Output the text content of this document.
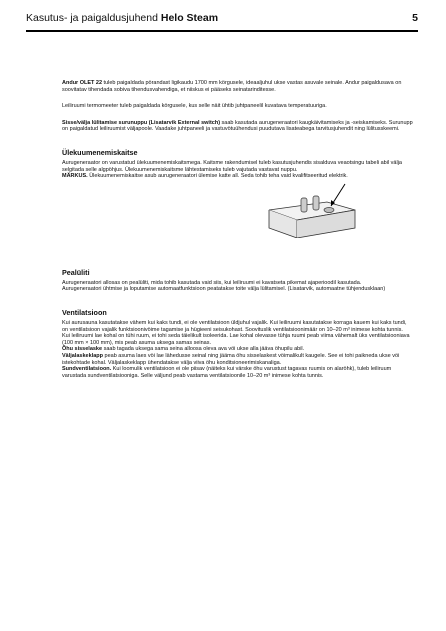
Kasutus- ja paigaldusjuhend Helo Steam	5

Andur OLET 22 tuleb paigaldada pörandast ligikaudu 1700 mm körgusele, ideaaljuhul ukse vastas asuvale seinale. Andur paigaldusava on soovitatav tihendada sobiva tihendusvahendiga, et niiskus ei pääseks seinatarinditesse.

Leiliruumi termomeeter tuleb paigaldada körgusele, kus selle näit ühtib juhtpaneelil kuvatava temperatuuriga.

Sisse/välja lülitamise surunuppu (Lisatarvik External switch) saab kasutada aurugeneraatori kaugkäivitamiseks ja -seiskamiseks. Surunupp on paigaldatud leiliruumist väljapoole. Vaadake juhtpaneeli ja vastuvötuühendusi puudutava lisateabega tarvitusjuhendit ning lülitusskeemi.

Ülekuumenemiskaitse

Aurugeneraator on varustatud ülekuumenemiskaitsmega. Kaitsme rakendumisel tuleb kasutusjuhendis sisalduva veaotsingu tabeli abil välja selgitada selle algpöhjus. Ülekuumenemiskaitsme lähtestamiseks tuleb vajutada vastavat nuppu.

MÄRKUS. Ülekuumenemiskaitse asub aurugeneraatori ülemise katte all. Seda tohib teha vaid kvalifitseeritud elektrik.

Pealüliti

Aurugeneraatori allosas on pealüliti, mida tohib kasutada vaid siis, kui leiliruumi ei kavatseta pikemat ajaperioodil kasutada.

Aurugeneraatori ühtmise ja loputamise automaatfunktsioon peatatakse toite välja lülitamisel. (Lisatarvik, automaatne tühjendusklaan)

Ventilatsioon

Kui aurusauna kasutatakse vähem kui kaks tundi, ei ole ventilatsioon üldjuhul vajalik. Kui leiliruumi kasutatakse korraga kauem kui kaks tundi, on ventilatsioon vajalik funktsioonivöime tagamise ja hügieeni seisukohast. Soovituslik ventilatsioonimäär on 10–20 m³ inimese kohta tunnis.

Kui leiliruumi lae kohal on tühi ruum, ei tohi seda täielikult isoleerida. Lae kohal olevasse tühja ruumi peab viima vähemalt üks ventilatsiooniava (100 mm × 100 mm), mis peab asuma uksega samas seinas.

Õhu sisselaske saab tagada uksega sama seina alloosa oleva ava vöi ukse alla jääva öhupilu abil.

Väljalaskeklapp peab asuma laes vöi lae lähedusse seinal ning jääma öhu sisselaskest vöimalikult kaugele. See ei tohi paikneda ukse vöi istekohtade kohal. Väljalaskeklapp ühendatakse välja viiva öhu konditsioneerimiskanaliga.

Sundventilatsioon. Kui loomulik ventilatsioon ei ole piisav (näiteks kui värske öhu varustust tagavas ruumis on alaröhk), tuleb leiliruum varustada sundventilatsiooniga. Selle väljund peab vastama ventilatsioonile 10–20 m³ inimese kohta tunnis.
